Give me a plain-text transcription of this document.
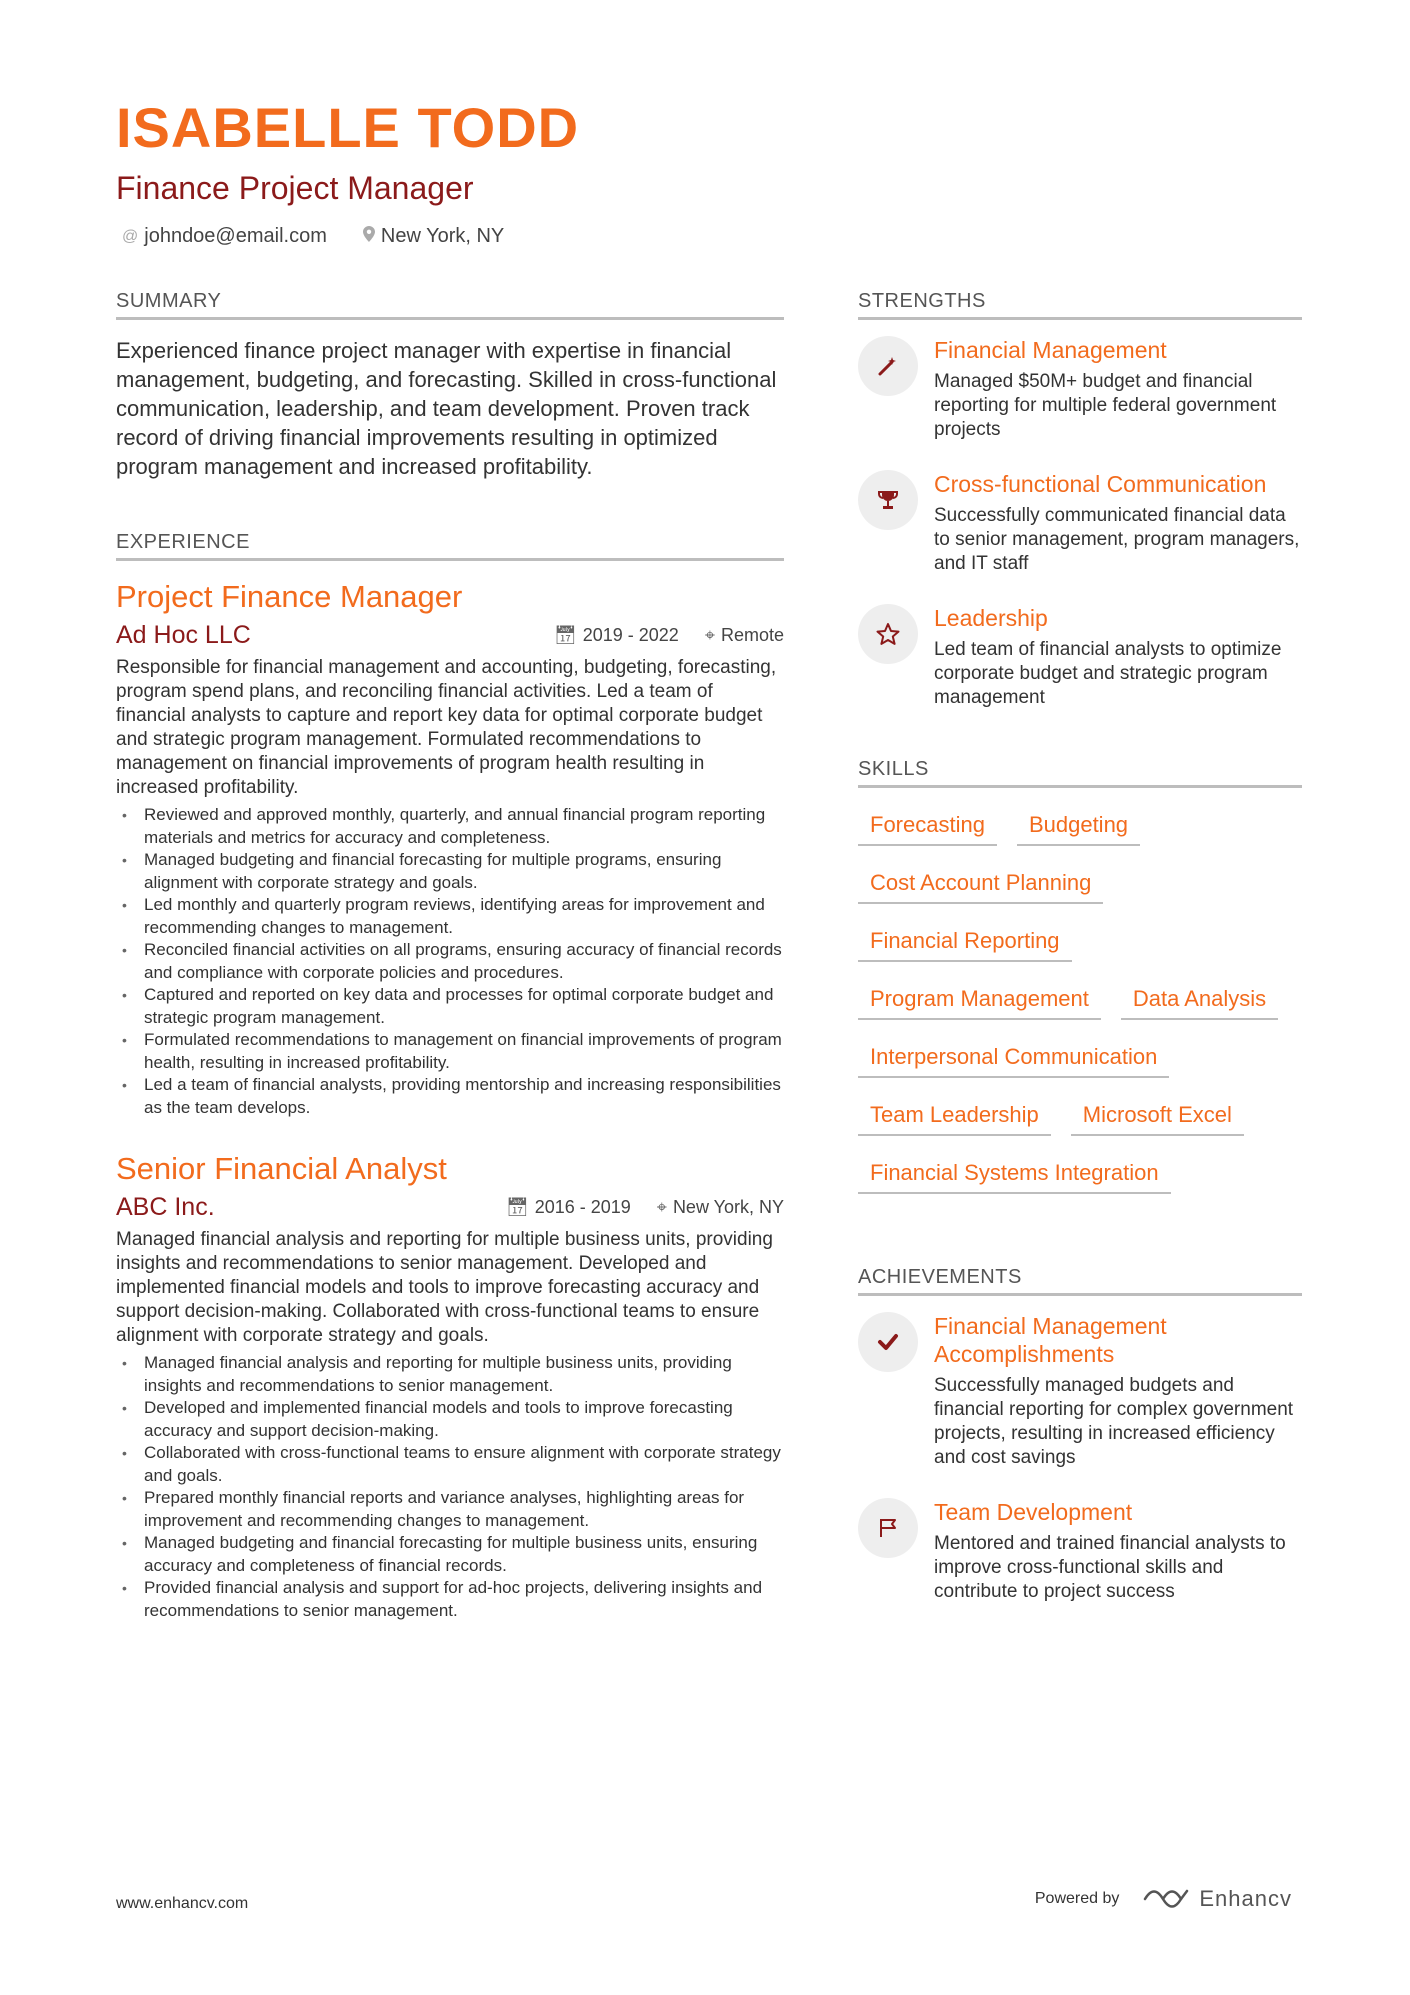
ISABELLE TODD
Finance Project Manager
@ johndoe@email.com	New York, NY
SUMMARY

Experienced finance project manager with expertise in financial management, budgeting, and forecasting. Skilled in cross-functional communication, leadership, and team development. Proven track record of driving financial improvements resulting in optimized program management and increased profitability.

EXPERIENCE
Project Finance Manager
Ad Hoc LLC	📅︎ 2019 - 2022 ⌖ Remote
Responsible for financial management and accounting, budgeting, forecasting, program spend plans, and reconciling financial activities. Led a team of financial analysts to capture and report key data for optimal corporate budget and strategic program management. Formulated recommendations to management on financial improvements of program health resulting in increased profitability.
• Reviewed and approved monthly, quarterly, and annual financial program reporting materials and metrics for accuracy and completeness.
• Managed budgeting and financial forecasting for multiple programs, ensuring alignment with corporate strategy and goals.
• Led monthly and quarterly program reviews, identifying areas for improvement and recommending changes to management.
• Reconciled financial activities on all programs, ensuring accuracy of financial records and compliance with corporate policies and procedures.
• Captured and reported on key data and processes for optimal corporate budget and strategic program management.
• Formulated recommendations to management on financial improvements of program health, resulting in increased profitability.
• Led a team of financial analysts, providing mentorship and increasing responsibilities as the team develops.
Senior Financial Analyst
ABC Inc.	📅︎ 2016 - 2019 ⌖ New York, NY
Managed financial analysis and reporting for multiple business units, providing insights and recommendations to senior management. Developed and implemented financial models and tools to improve forecasting accuracy and support decision-making. Collaborated with cross-functional teams to ensure alignment with corporate strategy and goals.
• Managed financial analysis and reporting for multiple business units, providing insights and recommendations to senior management.
• Developed and implemented financial models and tools to improve forecasting accuracy and support decision-making.
• Collaborated with cross-functional teams to ensure alignment with corporate strategy and goals.
• Prepared monthly financial reports and variance analyses, highlighting areas for improvement and recommending changes to management.
• Managed budgeting and financial forecasting for multiple business units, ensuring accuracy and completeness of financial records.
• Provided financial analysis and support for ad-hoc projects, delivering insights and recommendations to senior management.
STRENGTHS
Financial Management
Managed $50M+ budget and financial reporting for multiple federal government projects
Cross-functional Communication
Successfully communicated financial data to senior management, program managers, and IT staff
Leadership
Led team of financial analysts to optimize corporate budget and strategic program management
SKILLS
Forecasting	Budgeting
Cost Account Planning
Financial Reporting
Program Management	Data Analysis
Interpersonal Communication
Team Leadership	Microsoft Excel
Financial Systems Integration
ACHIEVEMENTS
Financial Management Accomplishments
Successfully managed budgets and financial reporting for complex government projects, resulting in increased efficiency and cost savings
Team Development
Mentored and trained financial analysts to improve cross-functional skills and contribute to project success
www.enhancv.com	Powered by	Enhancv
